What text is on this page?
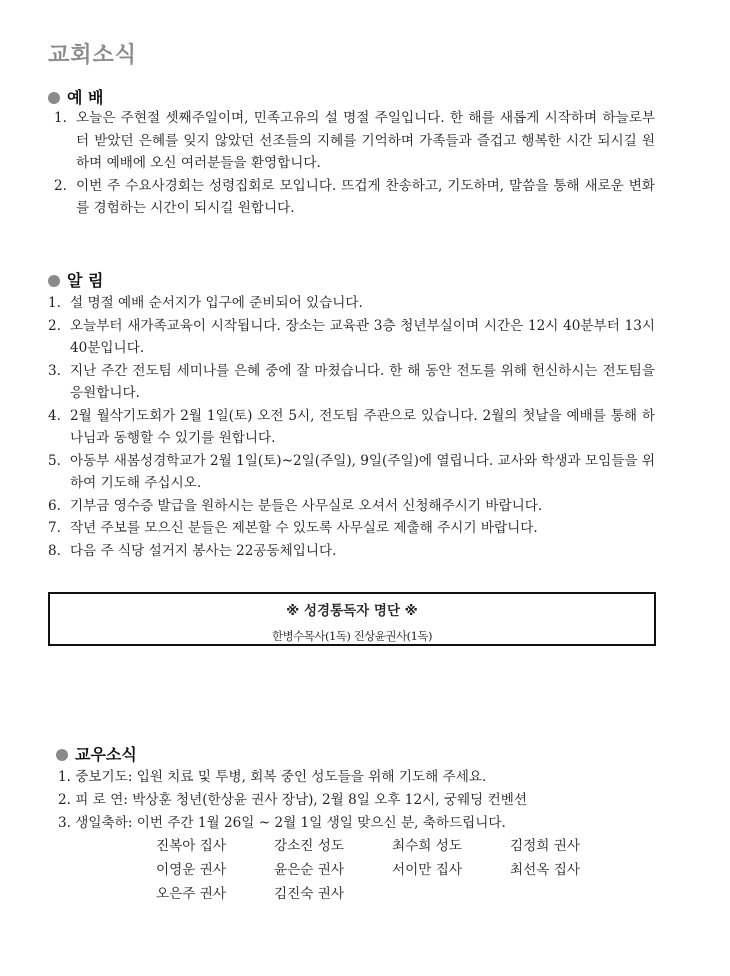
교회소식
예 배
1. 오늘은 주현절 셋째주일이며, 민족고유의 설 명절 주일입니다. 한 해를 새롭게 시작하며 하늘로부터 받았던 은혜를 잊지 않았던 선조들의 지혜를 기억하며 가족들과 즐겁고 행복한 시간 되시길 원하며 예배에 오신 여러분들을 환영합니다.
2. 이번 주 수요사경회는 성령집회로 모입니다. 뜨겁게 찬송하고, 기도하며, 말씀을 통해 새로운 변화를 경험하는 시간이 되시길 원합니다.
알 림
1. 설 명절 예배 순서지가 입구에 준비되어 있습니다.
2. 오늘부터 새가족교육이 시작됩니다. 장소는 교육관 3층 청년부실이며 시간은 12시 40분부터 13시 40분입니다.
3. 지난 주간 전도팀 세미나를 은혜 중에 잘 마쳤습니다. 한 해 동안 전도를 위해 헌신하시는 전도팀을 응원합니다.
4. 2월 월삭기도회가 2월 1일(토) 오전 5시, 전도팀 주관으로 있습니다. 2월의 첫날을 예배를 통해 하나님과 동행할 수 있기를 원합니다.
5. 아동부 새봄성경학교가 2월 1일(토)~2일(주일), 9일(주일)에 열립니다. 교사와 학생과 모임들을 위하여 기도해 주십시오.
6. 기부금 영수증 발급을 원하시는 분들은 사무실로 오셔서 신청해주시기 바랍니다.
7. 작년 주보를 모으신 분들은 제본할 수 있도록 사무실로 제출해 주시기 바랍니다.
8. 다음 주 식당 설거지 봉사는 22공동체입니다.
※ 성경통독자 명단 ※
한병수목사(1독) 진상윤권사(1독)
교우소식
1. 중보기도: 입원 치료 및 투병, 회복 중인 성도들을 위해 기도해 주세요.
2. 피 로 연: 박상훈 청년(한상윤 권사 장남), 2월 8일 오후 12시, 궁웨딩 컨벤션
3. 생일축하: 이번 주간 1월 26일 ~ 2월 1일 생일 맞으신 분, 축하드립니다.
진복아 집사	강소진 성도	최수희 성도	김정희 권사
이영운 권사	윤은순 권사	서이만 집사	최선옥 집사
오은주 권사	김진숙 권사
